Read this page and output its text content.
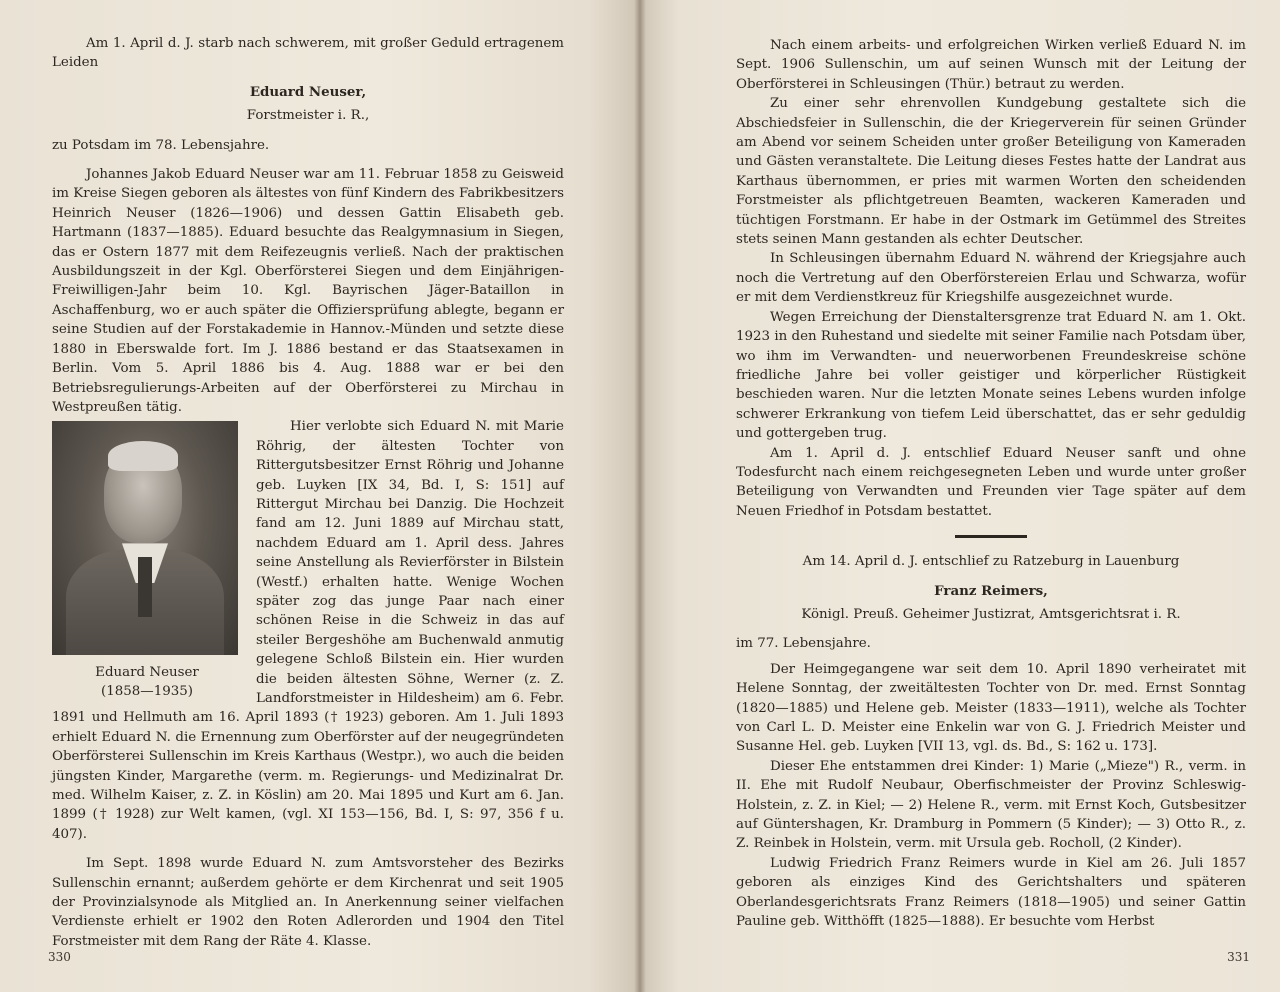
Am 1. April d. J. starb nach schwerem, mit großer Geduld ertragenem Leiden

Eduard Neuser,
Forstmeister i. R.,

zu Potsdam im 78. Lebensjahre.

Johannes Jakob Eduard Neuser war am 11. Februar 1858 zu Geisweid im Kreise Siegen geboren als ältestes von fünf Kindern des Fabrikbesitzers Heinrich Neuser (1826—1906) und dessen Gattin Elisabeth geb. Hartmann (1837—1885). Eduard besuchte das Realgymnasium in Siegen, das er Ostern 1877 mit dem Reifezeugnis verließ. Nach der praktischen Ausbildungszeit in der Kgl. Oberförsterei Siegen und dem Einjährigen-Freiwilligen-Jahr beim 10. Kgl. Bayrischen Jäger-Bataillon in Aschaffenburg, wo er auch später die Offiziersprüfung ablegte, begann er seine Studien auf der Forstakademie in Hannov.-Münden und setzte diese 1880 in Eberswalde fort. Im J. 1886 bestand er das Staatsexamen in Berlin. Vom 5. April 1886 bis 4. Aug. 1888 war er bei den Betriebsregulierungs-Arbeiten auf der Oberförsterei zu Mirchau in Westpreußen tätig.

Eduard Neuser
(1858—1935)

Hier verlobte sich Eduard N. mit Marie Röhrig, der ältesten Tochter von Rittergutsbesitzer Ernst Röhrig und Johanne geb. Luyken [IX 34, Bd. I, S: 151] auf Rittergut Mirchau bei Danzig. Die Hochzeit fand am 12. Juni 1889 auf Mirchau statt, nachdem Eduard am 1. April dess. Jahres seine Anstellung als Revierförster in Bilstein (Westf.) erhalten hatte. Wenige Wochen später zog das junge Paar nach einer schönen Reise in die Schweiz in das auf steiler Bergeshöhe am Buchenwald anmutig gelegene Schloß Bilstein ein. Hier wurden die beiden ältesten Söhne, Werner (z. Z. Landforstmeister in Hildesheim) am 6. Febr. 1891 und Hellmuth am 16. April 1893 († 1923) geboren. Am 1. Juli 1893 erhielt Eduard N. die Ernennung zum Oberförster auf der neugegründeten Oberförsterei Sullenschin im Kreis Karthaus (Westpr.), wo auch die beiden jüngsten Kinder, Margarethe (verm. m. Regierungs- und Medizinalrat Dr. med. Wilhelm Kaiser, z. Z. in Köslin) am 20. Mai 1895 und Kurt am 6. Jan. 1899 († 1928) zur Welt kamen, (vgl. XI 153—156, Bd. I, S: 97, 356 f u. 407).

Im Sept. 1898 wurde Eduard N. zum Amtsvorsteher des Bezirks Sullenschin ernannt; außerdem gehörte er dem Kirchenrat und seit 1905 der Provinzialsynode als Mitglied an. In Anerkennung seiner vielfachen Verdienste erhielt er 1902 den Roten Adlerorden und 1904 den Titel Forstmeister mit dem Rang der Räte 4. Klasse.

330

Nach einem arbeits- und erfolgreichen Wirken verließ Eduard N. im Sept. 1906 Sullenschin, um auf seinen Wunsch mit der Leitung der Oberförsterei in Schleusingen (Thür.) betraut zu werden.

Zu einer sehr ehrenvollen Kundgebung gestaltete sich die Abschiedsfeier in Sullenschin, die der Kriegerverein für seinen Gründer am Abend vor seinem Scheiden unter großer Beteiligung von Kameraden und Gästen veranstaltete. Die Leitung dieses Festes hatte der Landrat aus Karthaus übernommen, er pries mit warmen Worten den scheidenden Forstmeister als pflichtgetreuen Beamten, wackeren Kameraden und tüchtigen Forstmann. Er habe in der Ostmark im Getümmel des Streites stets seinen Mann gestanden als echter Deutscher.

In Schleusingen übernahm Eduard N. während der Kriegsjahre auch noch die Vertretung auf den Oberförstereien Erlau und Schwarza, wofür er mit dem Verdienstkreuz für Kriegshilfe ausgezeichnet wurde.

Wegen Erreichung der Dienstaltersgrenze trat Eduard N. am 1. Okt. 1923 in den Ruhestand und siedelte mit seiner Familie nach Potsdam über, wo ihm im Verwandten- und neuerworbenen Freundeskreise schöne friedliche Jahre bei voller geistiger und körperlicher Rüstigkeit beschieden waren. Nur die letzten Monate seines Lebens wurden infolge schwerer Erkrankung von tiefem Leid überschattet, das er sehr geduldig und gottergeben trug.

Am 1. April d. J. entschlief Eduard Neuser sanft und ohne Todesfurcht nach einem reichgesegneten Leben und wurde unter großer Beteiligung von Verwandten und Freunden vier Tage später auf dem Neuen Friedhof in Potsdam bestattet.

Am 14. April d. J. entschlief zu Ratzeburg in Lauenburg
Franz Reimers,
Königl. Preuß. Geheimer Justizrat, Amtsgerichtsrat i. R.

im 77. Lebensjahre.

Der Heimgegangene war seit dem 10. April 1890 verheiratet mit Helene Sonntag, der zweitältesten Tochter von Dr. med. Ernst Sonntag (1820—1885) und Helene geb. Meister (1833—1911), welche als Tochter von Carl L. D. Meister eine Enkelin war von G. J. Friedrich Meister und Susanne Hel. geb. Luyken [VII 13, vgl. ds. Bd., S: 162 u. 173].

Dieser Ehe entstammen drei Kinder: 1) Marie („Mieze") R., verm. in II. Ehe mit Rudolf Neubaur, Oberfischmeister der Provinz Schleswig-Holstein, z. Z. in Kiel; — 2) Helene R., verm. mit Ernst Koch, Gutsbesitzer auf Güntershagen, Kr. Dramburg in Pommern (5 Kinder); — 3) Otto R., z. Z. Reinbek in Holstein, verm. mit Ursula geb. Rocholl, (2 Kinder).

Ludwig Friedrich Franz Reimers wurde in Kiel am 26. Juli 1857 geboren als einziges Kind des Gerichtshalters und späteren Oberlandesgerichtsrats Franz Reimers (1818—1905) und seiner Gattin Pauline geb. Witthöfft (1825—1888). Er besuchte vom Herbst

331
